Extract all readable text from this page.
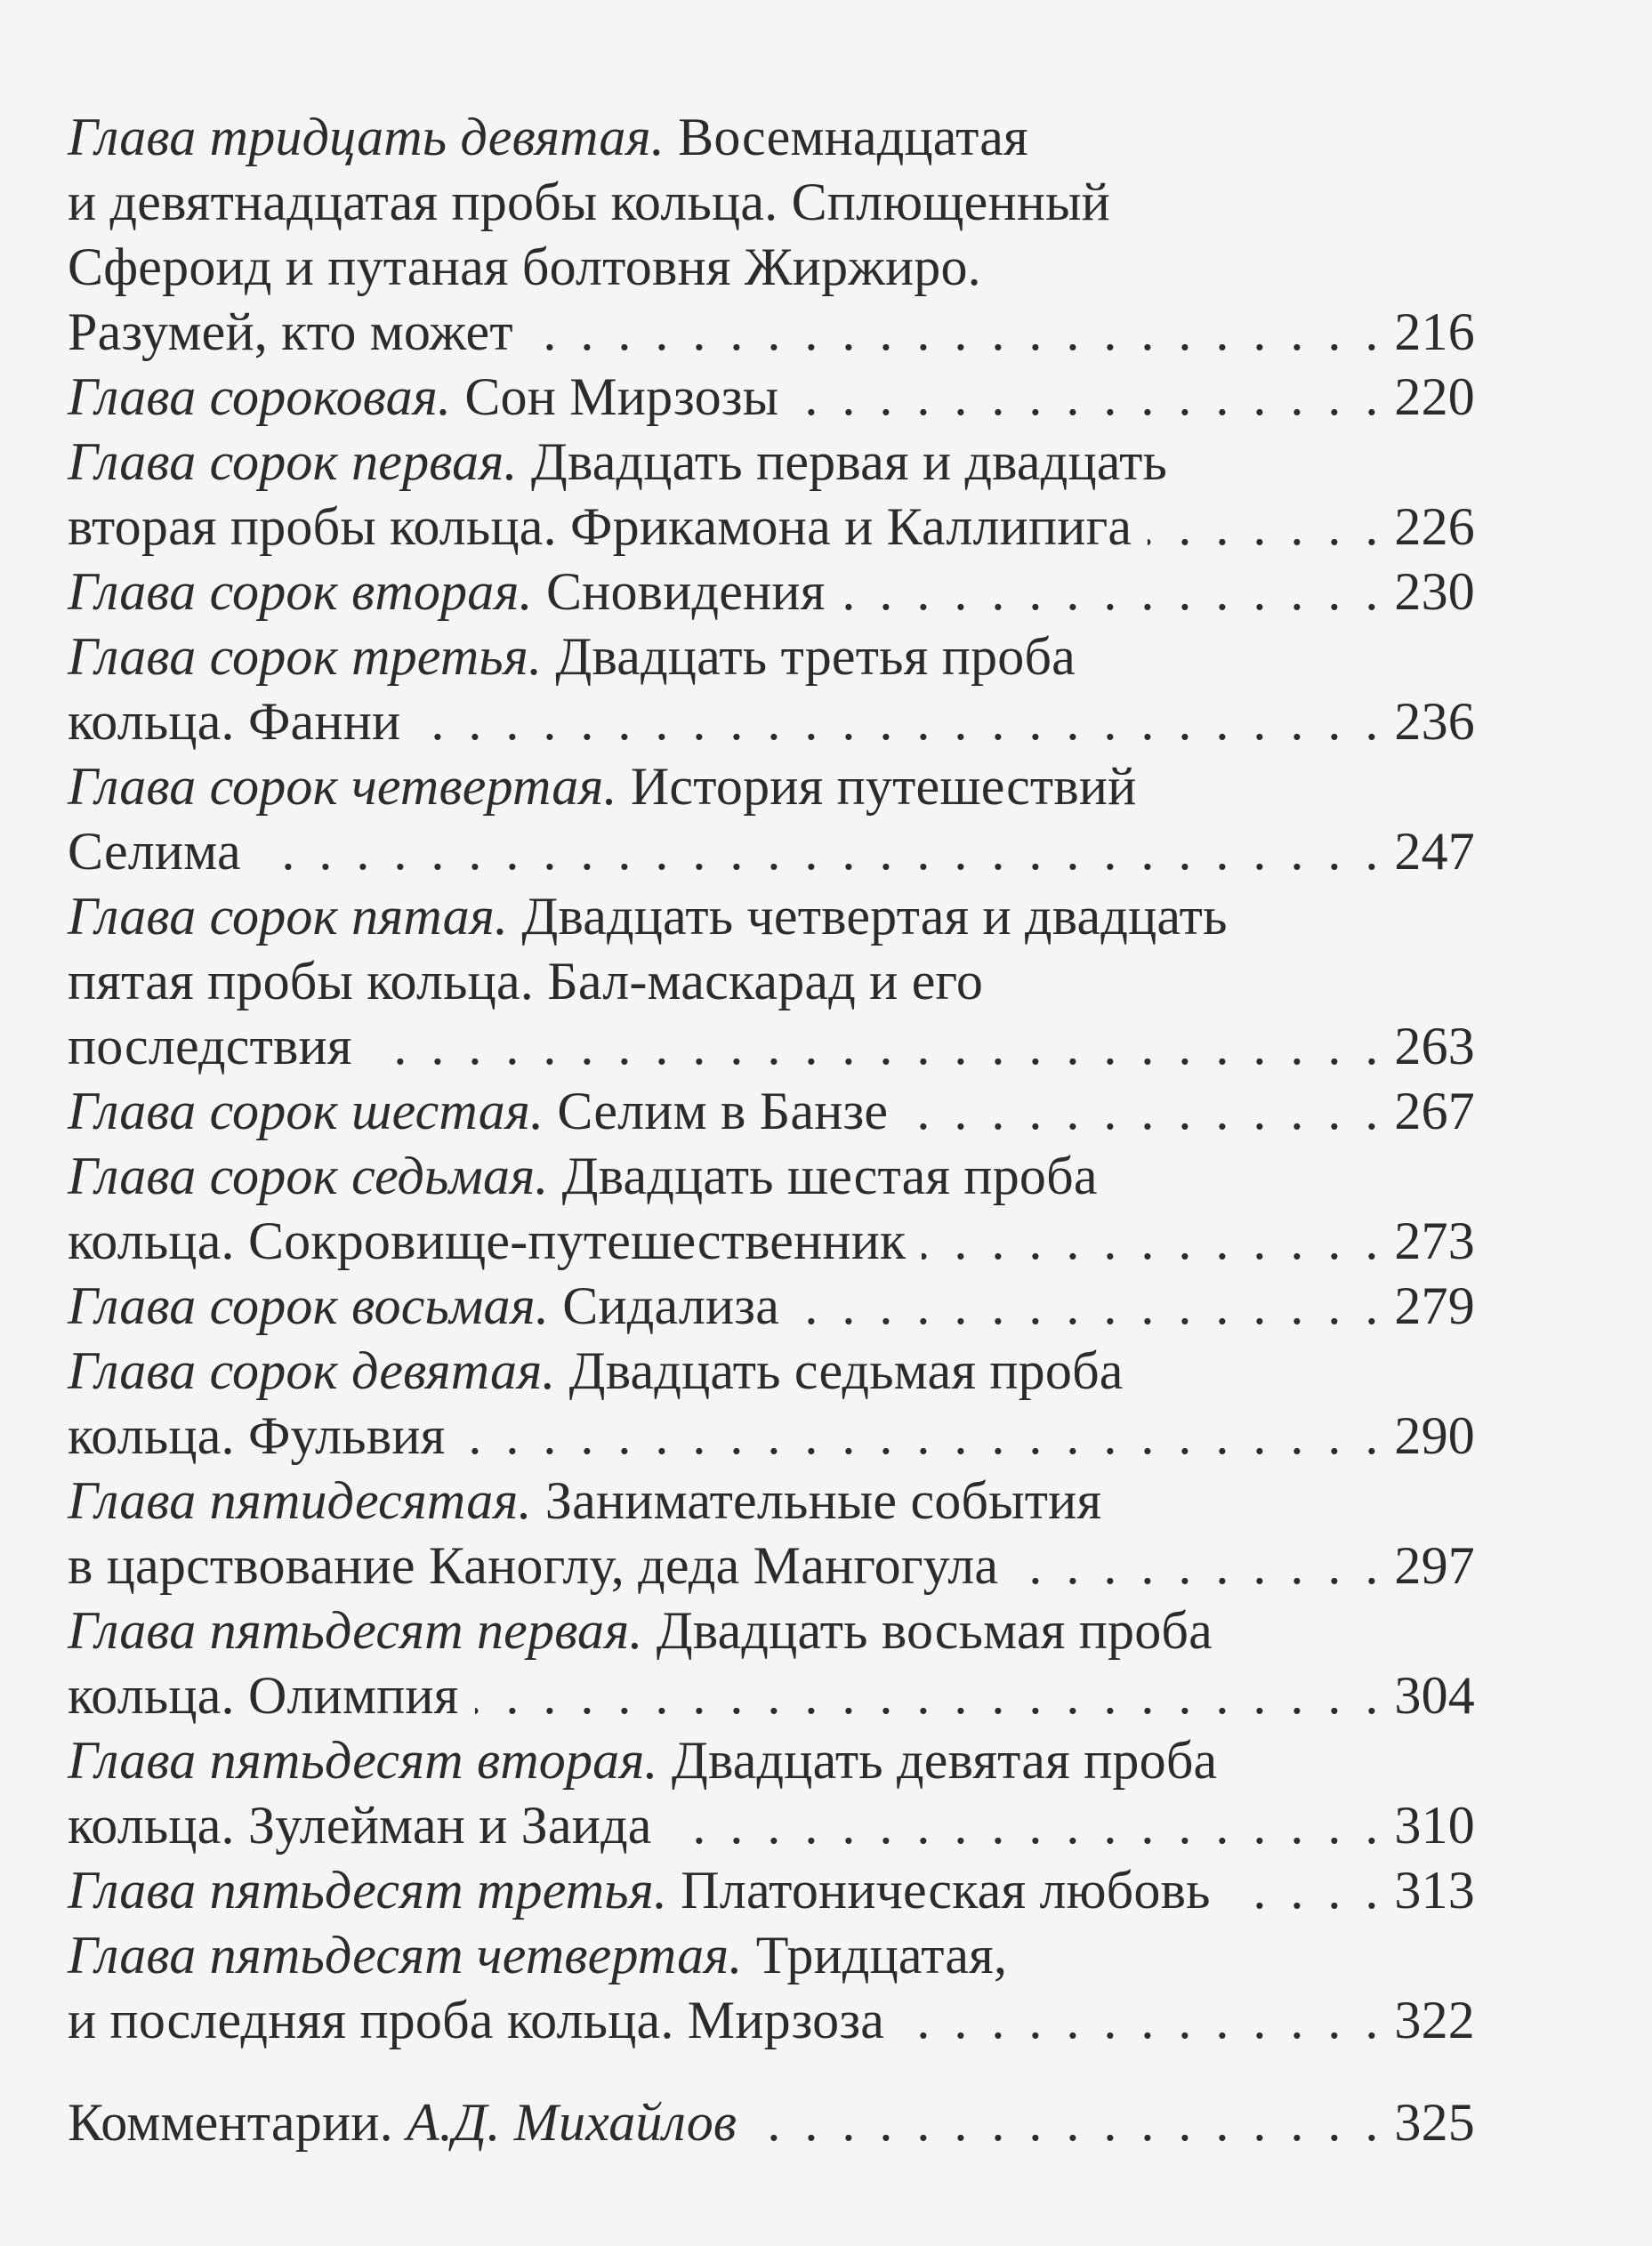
Глава тридцать девятая. Восемнадцатая
и девятнадцатая пробы кольца. Сплющенный
Сфероид и путаная болтовня Жиржиро.
Разумей, кто может . . .	216
Глава сороковая. Сон Мирзозы . . .	220
Глава сорок первая. Двадцать первая и двадцать
вторая пробы кольца. Фрикамона и Каллипига . . .	226
Глава сорок вторая. Сновидения . . .	230
Глава сорок третья. Двадцать третья проба
кольца. Фанни . . .	236
Глава сорок четвертая. История путешествий
Селима . . .	247
Глава сорок пятая. Двадцать четвертая и двадцать
пятая пробы кольца. Бал-маскарад и его
последствия . . .	263
Глава сорок шестая. Селим в Банзе . . .	267
Глава сорок седьмая. Двадцать шестая проба
кольца. Сокровище-путешественник . . .	273
Глава сорок восьмая. Сидализа . . .	279
Глава сорок девятая. Двадцать седьмая проба
кольца. Фульвия . . .	290
Глава пятидесятая. Занимательные события
в царствование Каноглу, деда Мангогула . . .	297
Глава пятьдесят первая. Двадцать восьмая проба
кольца. Олимпия . . .	304
Глава пятьдесят вторая. Двадцать девятая проба
кольца. Зулейман и Заида . . .	310
Глава пятьдесят третья. Платоническая любовь . . .	313
Глава пятьдесят четвертая. Тридцатая,
и последняя проба кольца. Мирзоза . . .	322
Комментарии. А.Д. Михайлов . . .	325
